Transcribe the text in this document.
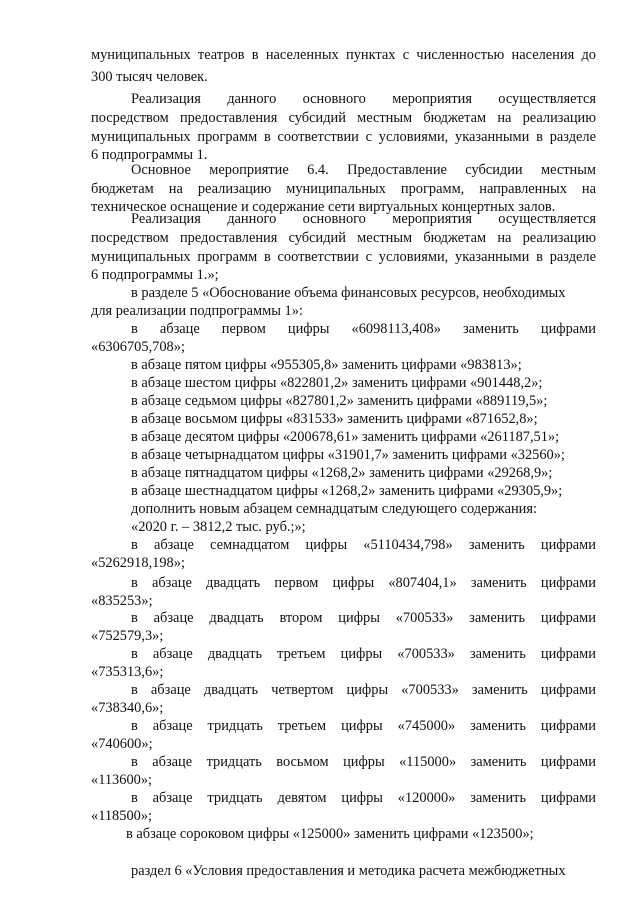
муниципальных театров в населенных пунктах с численностью населения до
300 тысяч человек.
Реализация данного основного мероприятия осуществляется
посредством предоставления субсидий местным бюджетам на реализацию
муниципальных программ в соответствии с условиями, указанными в разделе
6 подпрограммы 1.
Основное мероприятие 6.4. Предоставление субсидии местным
бюджетам на реализацию муниципальных программ, направленных на
техническое оснащение и содержание сети виртуальных концертных залов.
Реализация данного основного мероприятия осуществляется
посредством предоставления субсидий местным бюджетам на реализацию
муниципальных программ в соответствии с условиями, указанными в разделе
6 подпрограммы 1.»;
в разделе 5 «Обоснование объема финансовых ресурсов, необходимых
для реализации подпрограммы 1»:
в абзаце первом цифры «6098113,408» заменить цифрами
«6306705,708»;
в абзаце пятом цифры «955305,8» заменить цифрами «983813»;
в абзаце шестом цифры «822801,2» заменить цифрами «901448,2»;
в абзаце седьмом цифры «827801,2» заменить цифрами «889119,5»;
в абзаце восьмом цифры «831533» заменить цифрами «871652,8»;
в абзаце десятом цифры «200678,61» заменить цифрами «261187,51»;
в абзаце четырнадцатом цифры «31901,7» заменить цифрами «32560»;
в абзаце пятнадцатом цифры «1268,2» заменить цифрами «29268,9»;
в абзаце шестнадцатом цифры «1268,2» заменить цифрами «29305,9»;
дополнить новым абзацем семнадцатым следующего содержания:
«2020 г. – 3812,2 тыс. руб.;»;
в абзаце семнадцатом цифры «5110434,798» заменить цифрами
«5262918,198»;
в абзаце двадцать первом цифры «807404,1» заменить цифрами
«835253»;
в абзаце двадцать втором цифры «700533» заменить цифрами
«752579,3»;
в абзаце двадцать третьем цифры «700533» заменить цифрами
«735313,6»;
в абзаце двадцать четвертом цифры «700533» заменить цифрами
«738340,6»;
в абзаце тридцать третьем цифры «745000» заменить цифрами
«740600»;
в абзаце тридцать восьмом цифры «115000» заменить цифрами
«113600»;
в абзаце тридцать девятом цифры «120000» заменить цифрами
«118500»;
в абзаце сороковом цифры «125000» заменить цифрами «123500»;
раздел 6 «Условия предоставления и методика расчета межбюджетных
